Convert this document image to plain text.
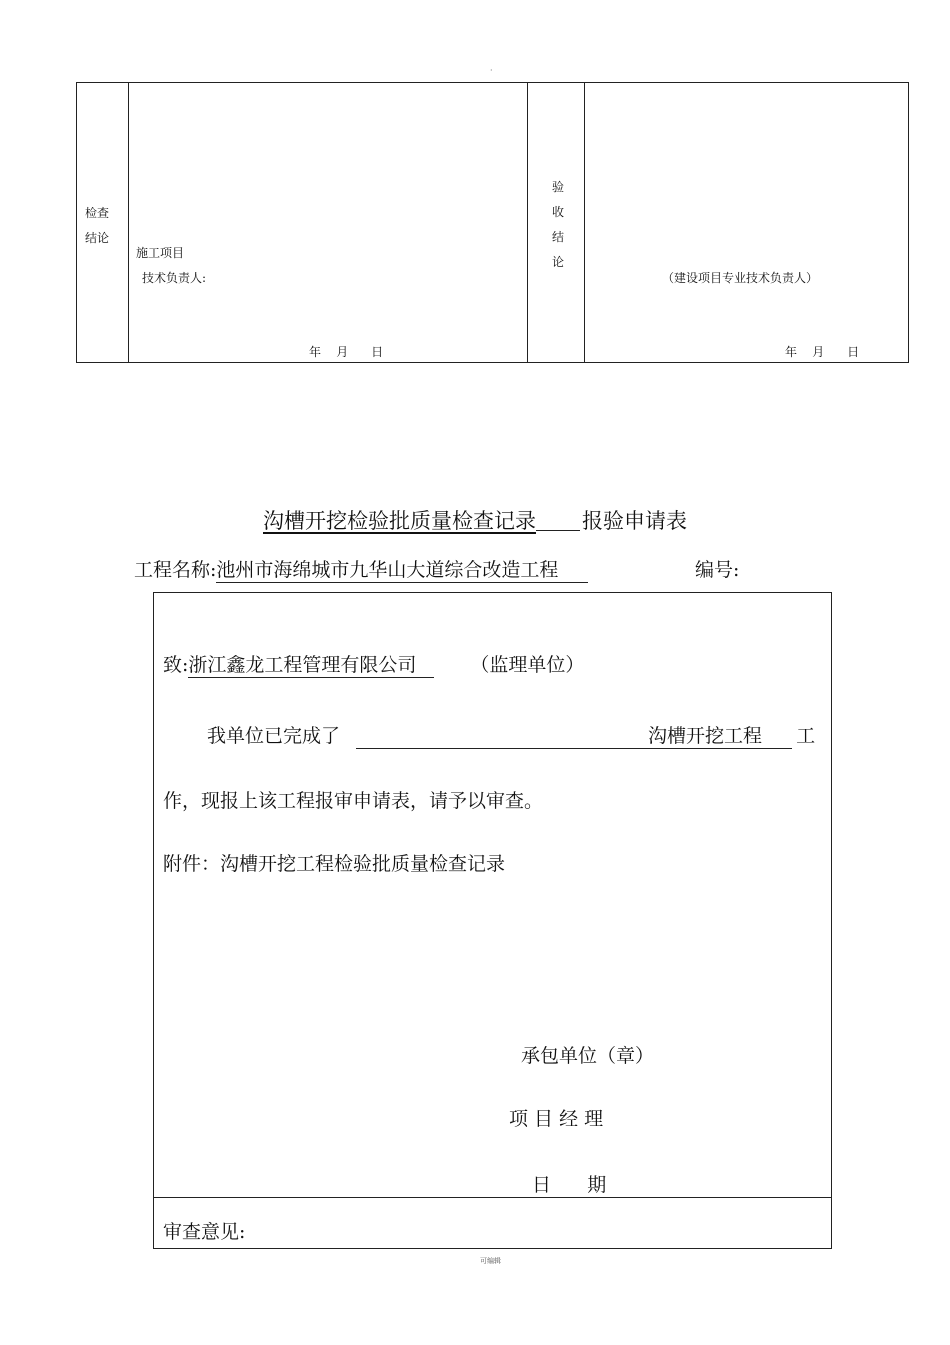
·
检查
结论
施工项目
技术负责人:
年    月      日
验
收
结
论
（建设项目专业技术负责人）
年    月      日
沟槽开挖检验批质量检查记录 报验申请表
工程名称:池州市海绵城市九华山大道综合改造工程	编号:
致:浙江鑫龙工程管理有限公司	（监理单位）
我单位已完成了	沟槽开挖工程 工
作，现报上该工程报审申请表，请予以审查。
附件：沟槽开挖工程检验批质量检查记录
承包单位（章）
项 目 经 理
日      期
审查意见:
可编辑
